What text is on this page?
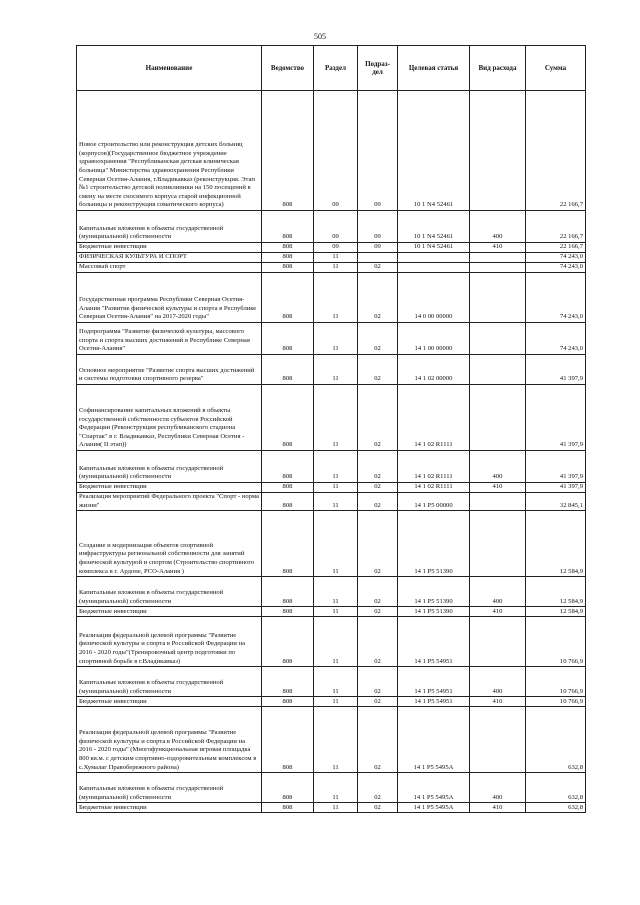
505
Наименование	Ведомство	Раздел	Подраз-дел	Целевая статья	Вид расхода	Сумма
Новое строительство или реконструкция детских больниц (корпусов)(Государственное бюджетное учреждение здравоохранения "Республиканская детская клиническая больница" Министерства здравоохранения Республики Северная Осетия-Алания, г.Владикавказ (реконструкция. Этап №1 строительство детской поликлиники на 150 посещений в смену на месте сносимого корпуса старой инфекционной больницы и реконструкция соматического корпуса)	808	09	09	10 1 N4 52461		22 166,7
Капитальные вложения в объекты государственной (муниципальной) собственности	808	09	09	10 1 N4 52461	400	22 166,7
Бюджетные инвестиции	808	09	09	10 1 N4 52461	410	22 166,7
ФИЗИЧЕСКАЯ КУЛЬТУРА И СПОРТ	808	11				74 243,0
Массовый спорт	808	11	02			74 243,0
Государственная программа Республики Северная Осетия-Алания "Развитие физической культуры и спорта в Республике Северная Осетия-Алания" на 2017-2020 годы"	808	11	02	14 0 00 00000		74 243,0
Подпрограмма "Развитие физической культуры, массового спорта и спорта высших достижений в Республике Северная Осетия-Алания"	808	11	02	14 1 00 00000		74 243,0
Основное мероприятие "Развитие спорта высших достижений и системы подготовки спортивного резерва"	808	11	02	14 1 02 00000		41 397,9
Софинансирование капитальных вложений в объекты государственной собственности субъектов Российской Федерации (Реконструкция республиканского стадиона "Спартак" в г. Владикавказ, Республики Северная Осетия - Алания( II этап))	808	11	02	14 1 02 R1111		41 397,9
Капитальные вложения в объекты государственной (муниципальной) собственности	808	11	02	14 1 02 R1111	400	41 397,9
Бюджетные инвестиции	808	11	02	14 1 02 R1111	410	41 397,9
Реализация мероприятий Федерального проекта "Спорт - норма жизни"	808	11	02	14 1 P5 00000		32 845,1
Создание и модернизация объектов спортивной инфраструктуры региональной собственности для занятий физической культурой и спортом (Строительство спортивного комплекса в г. Ардоне, РСО-Алания )	808	11	02	14 1 P5 51390		12 584,9
Капитальные вложения в объекты государственной (муниципальной) собственности	808	11	02	14 1 P5 51390	400	12 584,9
Бюджетные инвестиции	808	11	02	14 1 P5 51390	410	12 584,9
Реализация федеральной целевой программы "Развитие физической культуры и спорта в Российской Федерации на 2016 - 2020 годы"(Тренировочный центр подготовки по спортивной борьбе в г.Владикавказ)	808	11	02	14 1 P5 54951		10 766,9
Капитальные вложения в объекты государственной (муниципальной) собственности	808	11	02	14 1 P5 54951	400	10 766,9
Бюджетные инвестиции	808	11	02	14 1 P5 54951	410	10 766,9
Реализация федеральной целевой программы "Развитие физической культуры и спорта в Российской Федерации на 2016 - 2020 годы" (Многофункциональная игровая площадка 800 кв.м. с детским спортивно-оздоровительным комплексом в с.Хумалаг Правобережного района)	808	11	02	14 1 P5 5495A		632,8
Капитальные вложения в объекты государственной (муниципальной) собственности	808	11	02	14 1 P5 5495A	400	632,8
Бюджетные инвестиции	808	11	02	14 1 P5 5495A	410	632,8
